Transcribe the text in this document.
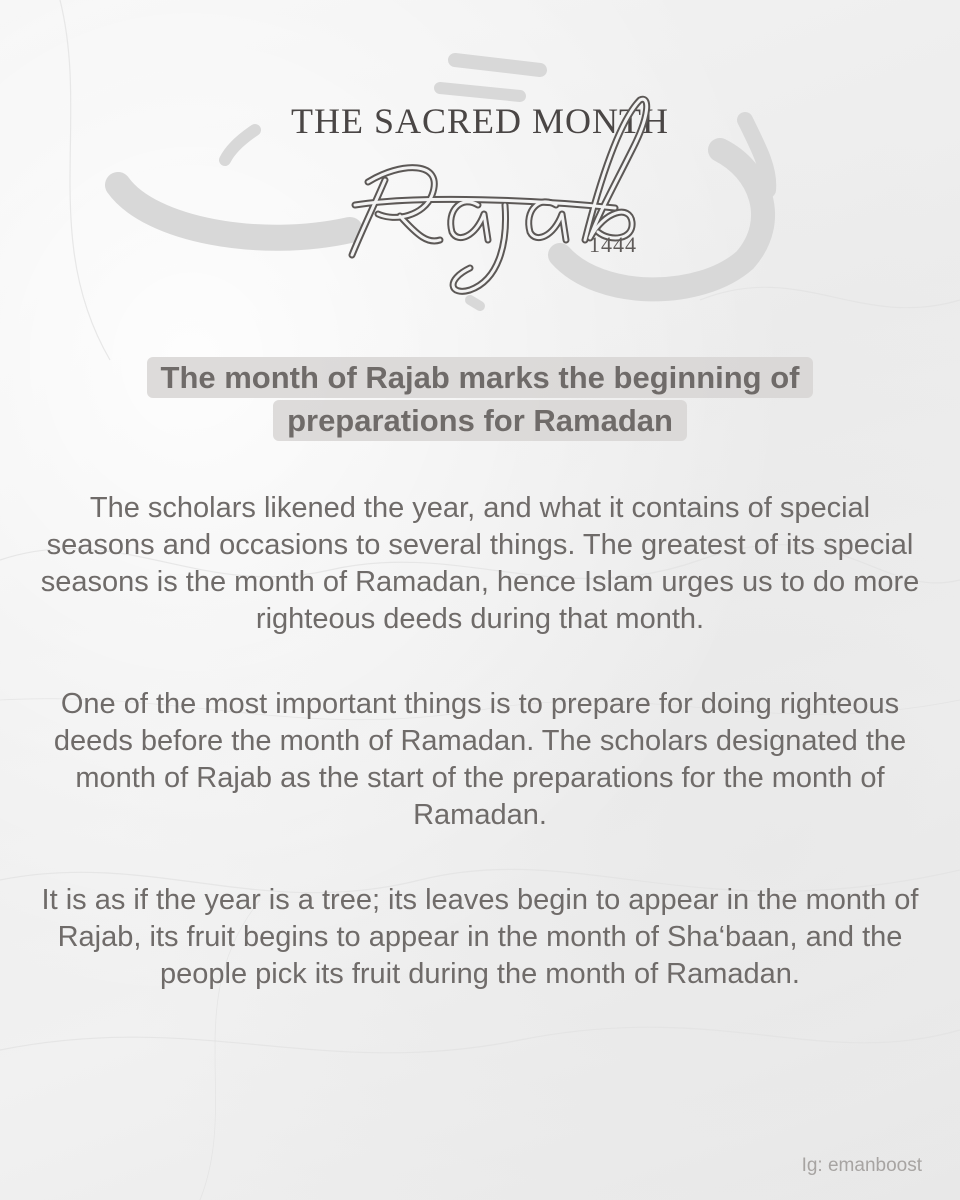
THE SACRED MONTH
1444
The month of Rajab marks the beginning of
preparations for Ramadan

The scholars likened the year, and what it contains of special seasons and occasions to several things. The greatest of its special seasons is the month of Ramadan, hence Islam urges us to do more righteous deeds during that month.

One of the most important things is to prepare for doing righteous deeds before the month of Ramadan. The scholars designated the month of Rajab as the start of the preparations for the month of Ramadan.

It is as if the year is a tree; its leaves begin to appear in the month of Rajab, its fruit begins to appear in the month of Sha‘baan, and the people pick its fruit during the month of Ramadan.

Ig: emanboost
